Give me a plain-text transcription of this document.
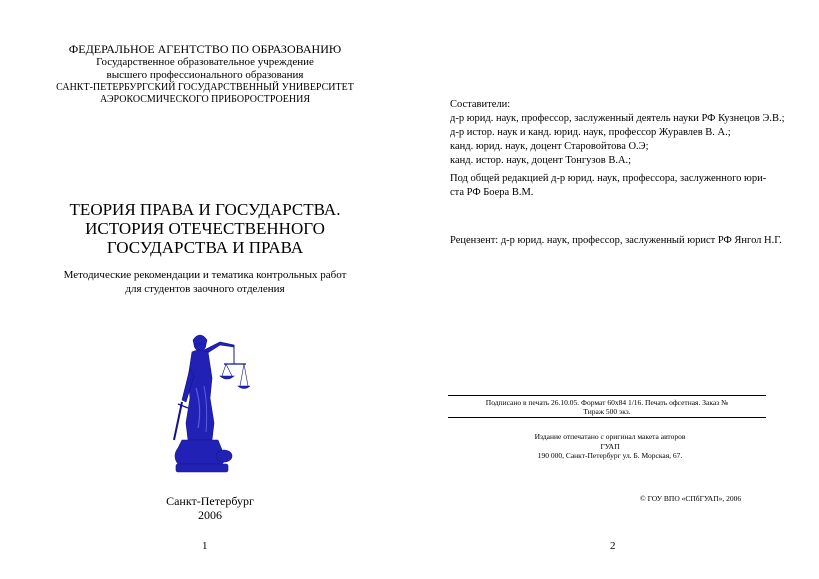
ФЕДЕРАЛЬНОЕ АГЕНТСТВО ПО ОБРАЗОВАНИЮ
Государственное образовательное учреждение
высшего профессионального образования
САНКТ-ПЕТЕРБУРГСКИЙ ГОСУДАРСТВЕННЫЙ УНИВЕРСИТЕТ
АЭРОКОСМИЧЕСКОГО ПРИБОРОСТРОЕНИЯ
ТЕОРИЯ ПРАВА И ГОСУДАРСТВА.
ИСТОРИЯ ОТЕЧЕСТВЕННОГО
ГОСУДАРСТВА И ПРАВА
Методические рекомендации и тематика контрольных работ
для студентов заочного отделения
Санкт-Петербург
2006
1
Составители:
д-р юрид. наук, профессор, заслуженный деятель науки РФ Кузнецов Э.В.;
д-р истор. наук и канд. юрид. наук, профессор Журавлев В. А.;
канд. юрид. наук, доцент Старовойтова О.Э;
канд. истор. наук, доцент Тонгузов В.А.;
Под общей редакцией д-р юрид. наук, профессора, заслуженного юри-
ста РФ Боера В.М.
Рецензент: д-р юрид. наук, профессор, заслуженный юрист РФ Янгол Н.Г.
Подписано в печать 26.10.05. Формат 60х84 1/16. Печать офсетная. Заказ №
Тираж 500 экз.
Издание отпечатано с оригинал макета авторов
ГУАП
190 000, Санкт-Петербург ул. Б. Морская, 67.
© ГОУ ВПО «СПбГУАП», 2006
2
